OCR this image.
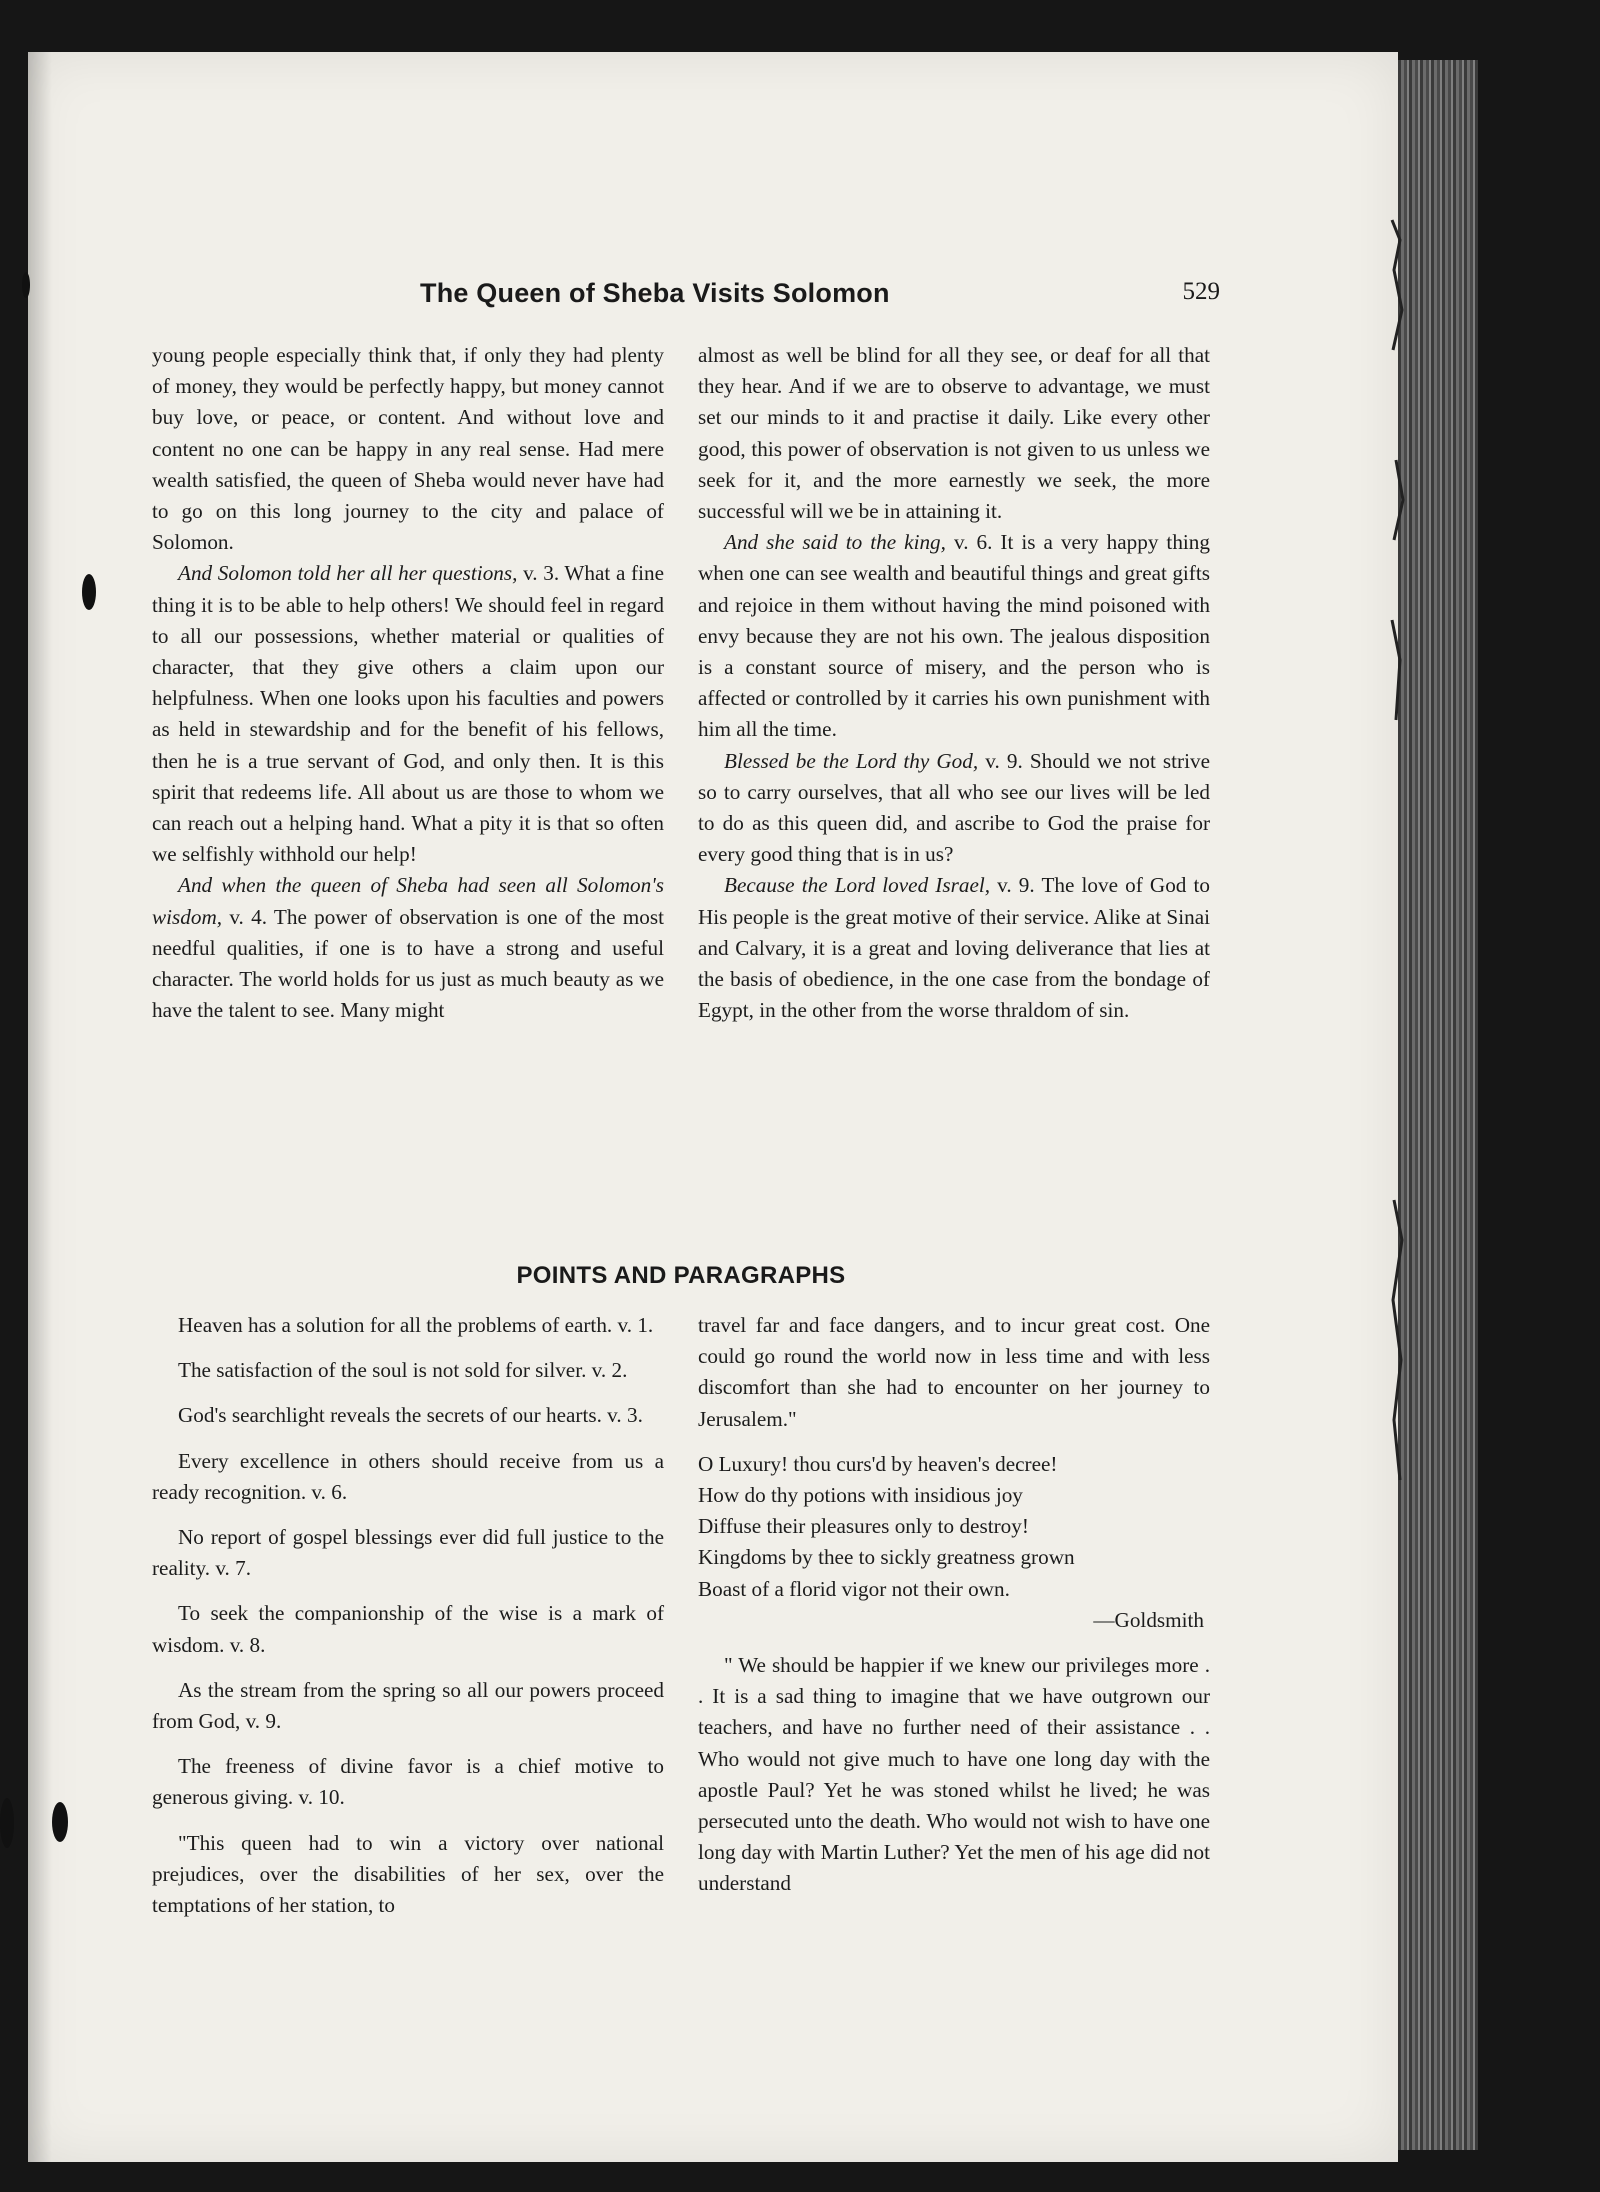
The Queen of Sheba Visits Solomon	529

young people especially think that, if only they had plenty of money, they would be perfectly happy, but money cannot buy love, or peace, or content. And without love and content no one can be happy in any real sense. Had mere wealth satisfied, the queen of Sheba would never have had to go on this long journey to the city and palace of Solomon.

And Solomon told her all her questions, v. 3. What a fine thing it is to be able to help others! We should feel in regard to all our possessions, whether material or qualities of character, that they give others a claim upon our helpfulness. When one looks upon his faculties and powers as held in stewardship and for the benefit of his fellows, then he is a true servant of God, and only then. It is this spirit that redeems life. All about us are those to whom we can reach out a helping hand. What a pity it is that so often we selfishly withhold our help!

And when the queen of Sheba had seen all Solomon's wisdom, v. 4. The power of observation is one of the most needful qualities, if one is to have a strong and useful character. The world holds for us just as much beauty as we have the talent to see. Many might

almost as well be blind for all they see, or deaf for all that they hear. And if we are to observe to advantage, we must set our minds to it and practise it daily. Like every other good, this power of observation is not given to us unless we seek for it, and the more earnestly we seek, the more successful will we be in attaining it.

And she said to the king, v. 6. It is a very happy thing when one can see wealth and beautiful things and great gifts and rejoice in them without having the mind poisoned with envy because they are not his own. The jealous disposition is a constant source of misery, and the person who is affected or controlled by it carries his own punishment with him all the time.

Blessed be the Lord thy God, v. 9. Should we not strive so to carry ourselves, that all who see our lives will be led to do as this queen did, and ascribe to God the praise for every good thing that is in us?

Because the Lord loved Israel, v. 9. The love of God to His people is the great motive of their service. Alike at Sinai and Calvary, it is a great and loving deliverance that lies at the basis of obedience, in the one case from the bondage of Egypt, in the other from the worse thraldom of sin.

POINTS AND PARAGRAPHS

Heaven has a solution for all the problems of earth. v. 1.

The satisfaction of the soul is not sold for silver. v. 2.

God's searchlight reveals the secrets of our hearts. v. 3.

Every excellence in others should receive from us a ready recognition. v. 6.

No report of gospel blessings ever did full justice to the reality. v. 7.

To seek the companionship of the wise is a mark of wisdom. v. 8.

As the stream from the spring so all our powers proceed from God, v. 9.

The freeness of divine favor is a chief motive to generous giving. v. 10.

"This queen had to win a victory over national prejudices, over the disabilities of her sex, over the temptations of her station, to

travel far and face dangers, and to incur great cost. One could go round the world now in less time and with less discomfort than she had to encounter on her journey to Jerusalem."

O Luxury! thou curs'd by heaven's decree!

How do thy potions with insidious joy

Diffuse their pleasures only to destroy!

Kingdoms by thee to sickly greatness grown

Boast of a florid vigor not their own.

—Goldsmith

" We should be happier if we knew our privileges more . . It is a sad thing to imagine that we have outgrown our teachers, and have no further need of their assistance . . Who would not give much to have one long day with the apostle Paul? Yet he was stoned whilst he lived; he was persecuted unto the death. Who would not wish to have one long day with Martin Luther? Yet the men of his age did not understand
